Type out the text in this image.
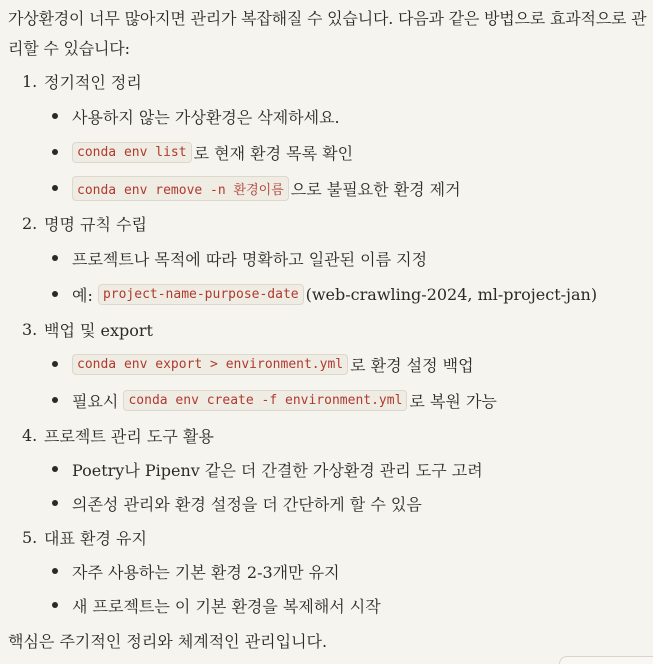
가상환경이 너무 많아지면 관리가 복잡해질 수 있습니다. 다음과 같은 방법으로 효과적으로 관리할 수 있습니다:

1. 정기적인 정리
사용하지 않는 가상환경은 삭제하세요.
conda env list 로 현재 환경 목록 확인
conda env remove -n 환경이름 으로 불필요한 환경 제거
2. 명명 규칙 수립
프로젝트나 목적에 따라 명확하고 일관된 이름 지정
예: project-name-purpose-date (web-crawling-2024, ml-project-jan)
3. 백업 및 export
conda env export > environment.yml 로 환경 설정 백업
필요시 conda env create -f environment.yml 로 복원 가능
4. 프로젝트 관리 도구 활용
Poetry나 Pipenv 같은 더 간결한 가상환경 관리 도구 고려
의존성 관리와 환경 설정을 더 간단하게 할 수 있음
5. 대표 환경 유지
자주 사용하는 기본 환경 2-3개만 유지
새 프로젝트는 이 기본 환경을 복제해서 시작

핵심은 주기적인 정리와 체계적인 관리입니다.
